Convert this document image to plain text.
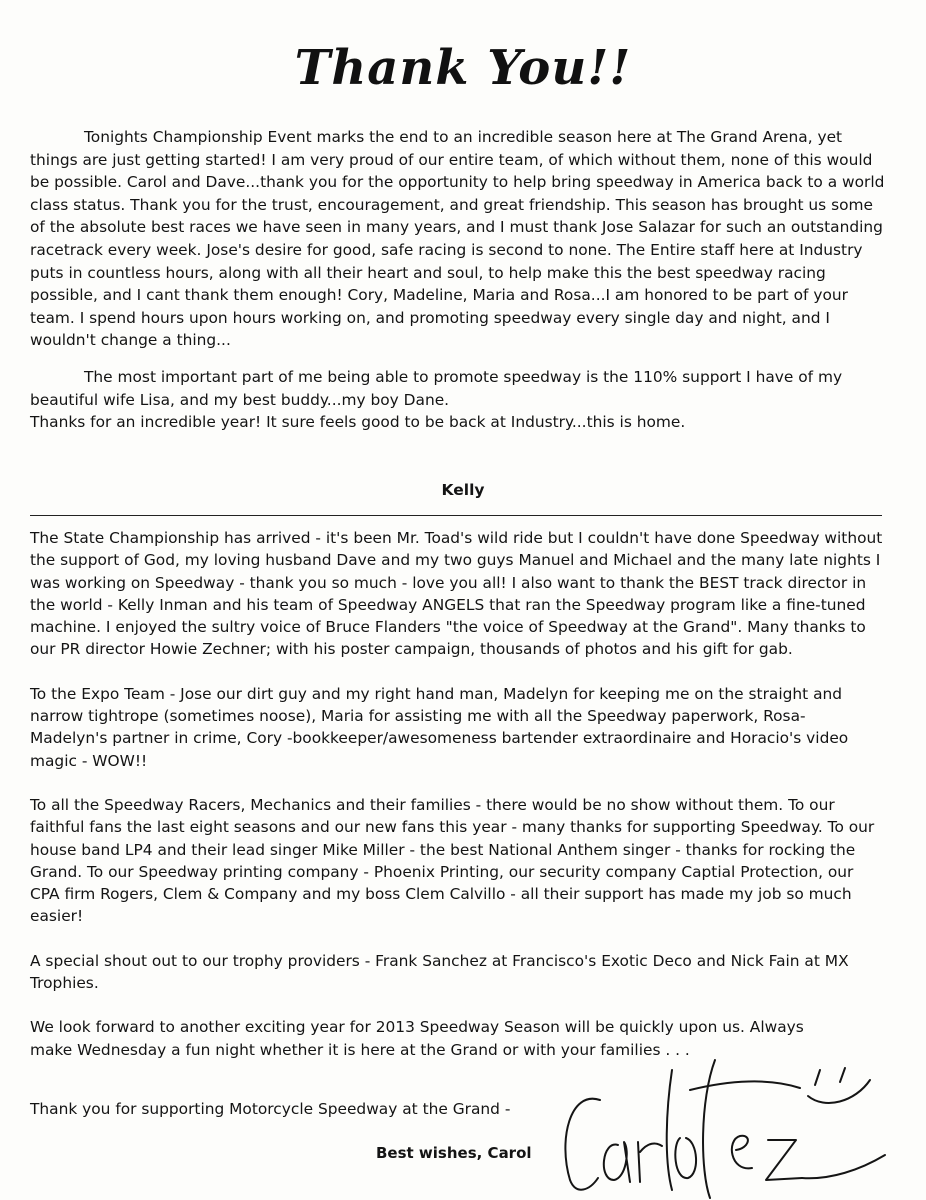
Thank You!!

Tonights Championship Event marks the end to an incredible season here at The Grand Arena, yet things are just getting started! I am very proud of our entire team, of which without them, none of this would be possible. Carol and Dave...thank you for the opportunity to help bring speedway in America back to a world class status. Thank you for the trust, encouragement, and great friendship. This season has brought us some of the absolute best races we have seen in many years, and I must thank Jose Salazar for such an outstanding racetrack every week. Jose's desire for good, safe racing is second to none. The Entire staff here at Industry puts in countless hours, along with all their heart and soul, to help make this the best speedway racing possible, and I cant thank them enough! Cory, Madeline, Maria and Rosa...I am honored to be part of your team. I spend hours upon hours working on, and promoting speedway every single day and night, and I wouldn't change a thing...

The most important part of me being able to promote speedway is the 110% support I have of my beautiful wife Lisa, and my best buddy...my boy Dane.

Thanks for an incredible year! It sure feels good to be back at Industry...this is home.

Kelly

The State Championship has arrived - it's been Mr. Toad's wild ride but I couldn't have done Speedway without the support of God, my loving husband Dave and my two guys Manuel and Michael and the many late nights I was working on Speedway - thank you so much - love you all! I also want to thank the BEST track director in the world - Kelly Inman and his team of Speedway ANGELS that ran the Speedway program like a fine-tuned machine. I enjoyed the sultry voice of Bruce Flanders "the voice of Speedway at the Grand". Many thanks to our PR director Howie Zechner; with his poster campaign, thousands of photos and his gift for gab.

To the Expo Team - Jose our dirt guy and my right hand man, Madelyn for keeping me on the straight and narrow tightrope (sometimes noose), Maria for assisting me with all the Speedway paperwork, Rosa- Madelyn's partner in crime, Cory -bookkeeper/awesomeness bartender extraordinaire and Horacio's video magic - WOW!!

To all the Speedway Racers, Mechanics and their families - there would be no show without them. To our faithful fans the last eight seasons and our new fans this year - many thanks for supporting Speedway. To our house band LP4 and their lead singer Mike Miller - the best National Anthem singer - thanks for rocking the Grand. To our Speedway printing company - Phoenix Printing, our security company Captial Protection, our CPA firm Rogers, Clem & Company and my boss Clem Calvillo - all their support has made my job so much easier!

A special shout out to our trophy providers - Frank Sanchez at Francisco's Exotic Deco and Nick Fain at MX Trophies.

We look forward to another exciting year for 2013 Speedway Season will be quickly upon us. Always make Wednesday a fun night whether it is here at the Grand or with your families . . .

Thank you for supporting Motorcycle Speedway at the Grand -
Best wishes, Carol
